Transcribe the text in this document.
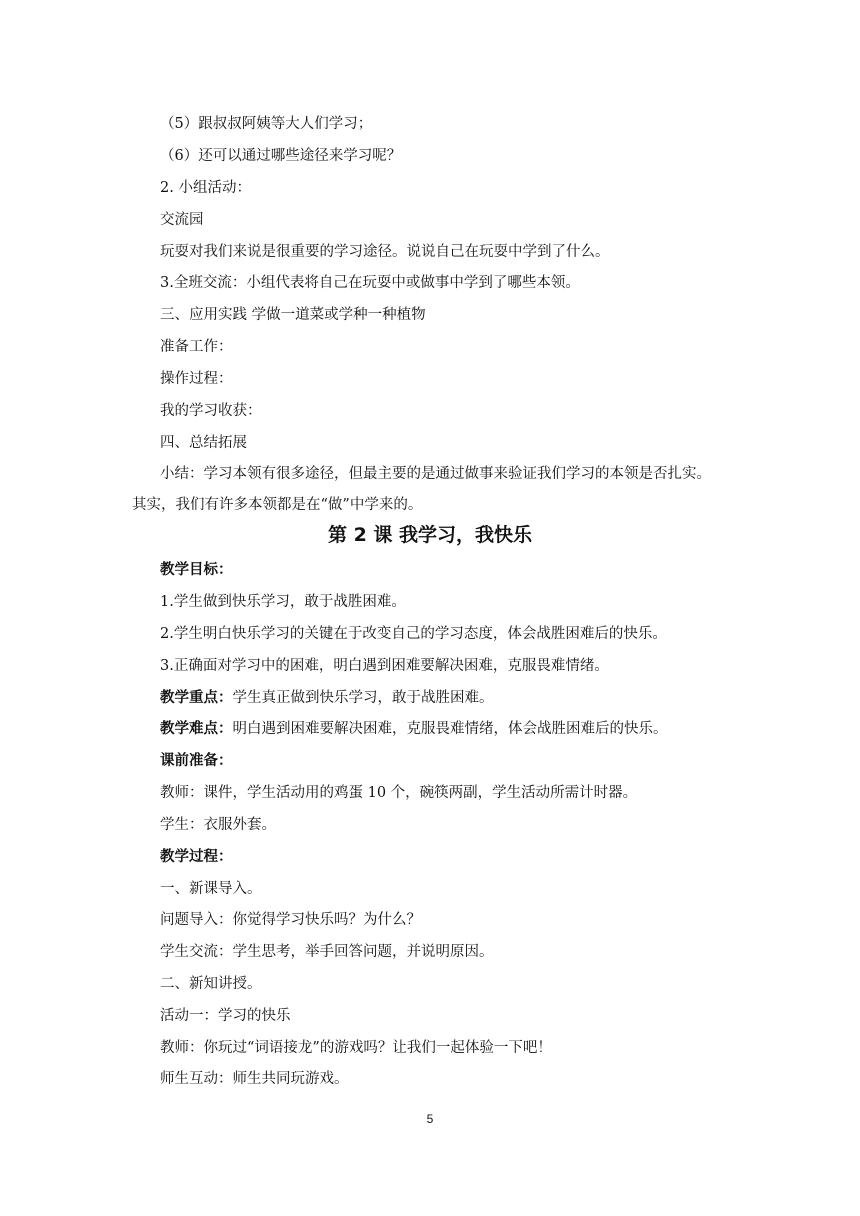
（5）跟叔叔阿姨等大人们学习；
（6）还可以通过哪些途径来学习呢？
2. 小组活动：
交流园
玩耍对我们来说是很重要的学习途径。说说自己在玩耍中学到了什么。
3.全班交流：小组代表将自己在玩耍中或做事中学到了哪些本领。
三、应用实践 学做一道菜或学种一种植物
准备工作：
操作过程：
我的学习收获：
四、总结拓展
小结：学习本领有很多途径，但最主要的是通过做事来验证我们学习的本领是否扎实。
其实，我们有许多本领都是在“做”中学来的。
第 2 课 我学习，我快乐
教学目标：
1.学生做到快乐学习，敢于战胜困难。
2.学生明白快乐学习的关键在于改变自己的学习态度，体会战胜困难后的快乐。
3.正确面对学习中的困难，明白遇到困难要解决困难，克服畏难情绪。
教学重点：学生真正做到快乐学习，敢于战胜困难。
教学难点：明白遇到困难要解决困难，克服畏难情绪，体会战胜困难后的快乐。
课前准备：
教师：课件，学生活动用的鸡蛋 10 个，碗筷两副，学生活动所需计时器。
学生：衣服外套。
教学过程：
一、新课导入。
问题导入：你觉得学习快乐吗？为什么？
学生交流：学生思考，举手回答问题，并说明原因。
二、新知讲授。
活动一：学习的快乐
教师：你玩过“词语接龙”的游戏吗？让我们一起体验一下吧！
师生互动：师生共同玩游戏。
5
